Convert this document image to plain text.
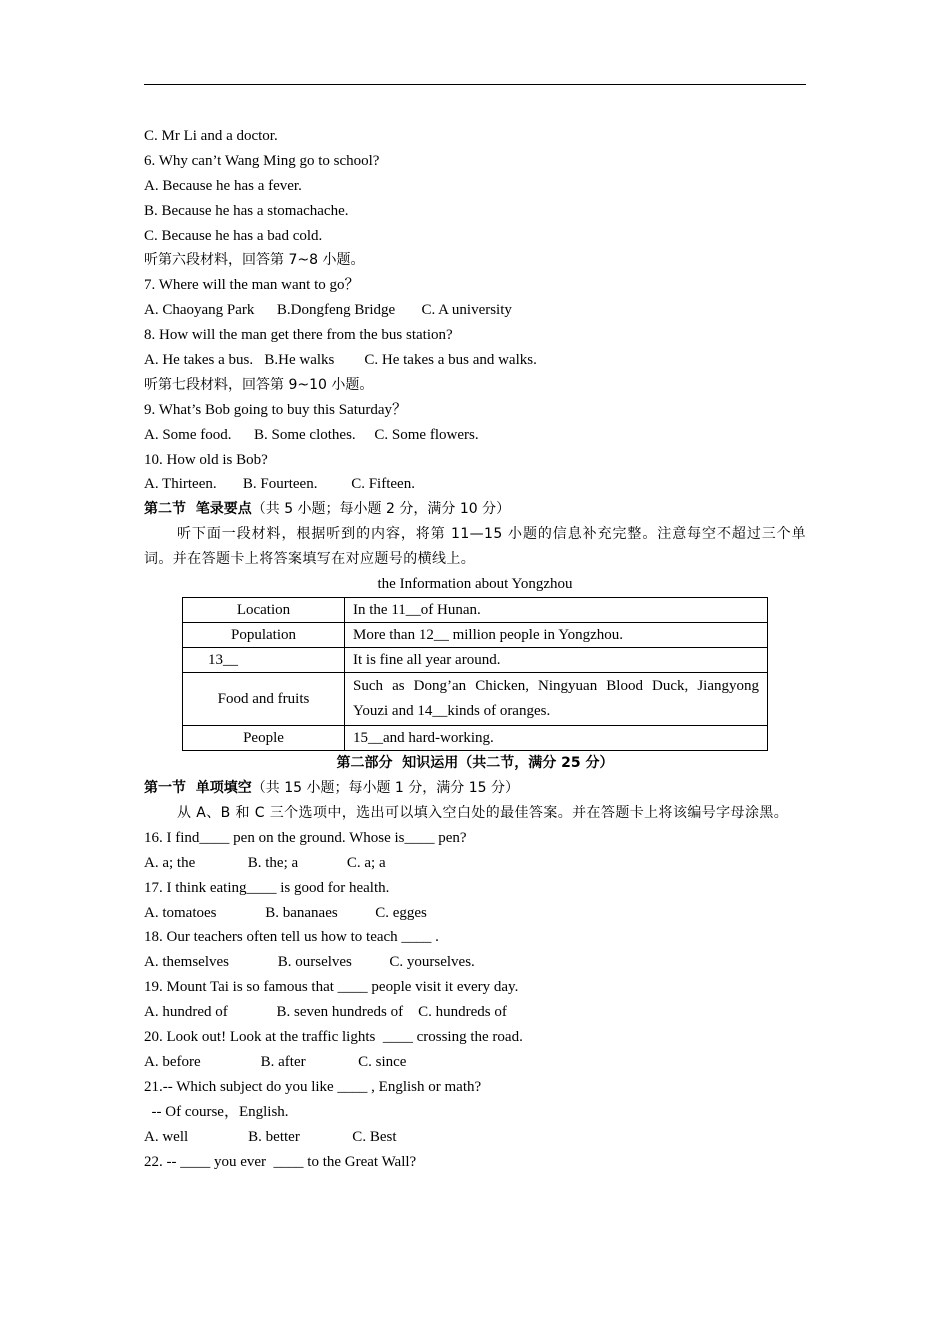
C. Mr Li and a doctor.
6. Why can’t Wang Ming go to school?
A. Because he has a fever.
B. Because he has a stomachache.
C. Because he has a bad cold.
听第六段材料，回答第 7~8 小题。
7. Where will the man want to go？
A. Chaoyang Park      B.Dongfeng Bridge       C. A university
8. How will the man get there from the bus station?
A. He takes a bus.   B.He walks        C. He takes a bus and walks.
听第七段材料，回答第 9~10 小题。
9. What’s Bob going to buy this Saturday？
A. Some food.      B. Some clothes.     C. Some flowers.
10. How old is Bob?
A. Thirteen.       B. Fourteen.         C. Fifteen.
第二节  笔录要点（共 5 小题；每小题 2 分，满分 10 分）
听下面一段材料，根据听到的内容，将第 11—15 小题的信息补充完整。注意每空不超过三个单词。并在答题卡上将答案填写在对应题号的横线上。
the Information about Yongzhou
Location	In the 11__of Hunan.
Population	More than 12__ million people in Yongzhou.
13__	It is fine all year around.
Food and fruits	Such as Dong’an Chicken, Ningyuan Blood Duck, Jiangyong Youzi and 14__kinds of oranges.
People	15__and hard-working.
第二部分  知识运用（共二节，满分 25 分）
第一节  单项填空（共 15 小题；每小题 1 分，满分 15 分）
从 A、B 和 C 三个选项中，选出可以填入空白处的最佳答案。并在答题卡上将该编号字母涂黑。
16. I find____ pen on the ground. Whose is____ pen?
A. a; the              B. the; a             C. a; a
17. I think eating____ is good for health.
A. tomatoes             B. bananaes          C. egges
18. Our teachers often tell us how to teach ____ .
A. themselves             B. ourselves          C. yourselves.
19. Mount Tai is so famous that ____ people visit it every day.
A. hundred of             B. seven hundreds of    C. hundreds of
20. Look out! Look at the traffic lights  ____ crossing the road.
A. before                B. after              C. since
21.-- Which subject do you like ____ , English or math?
-- Of course，English.
A. well                B. better              C. Best
22. -- ____ you ever  ____ to the Great Wall?
